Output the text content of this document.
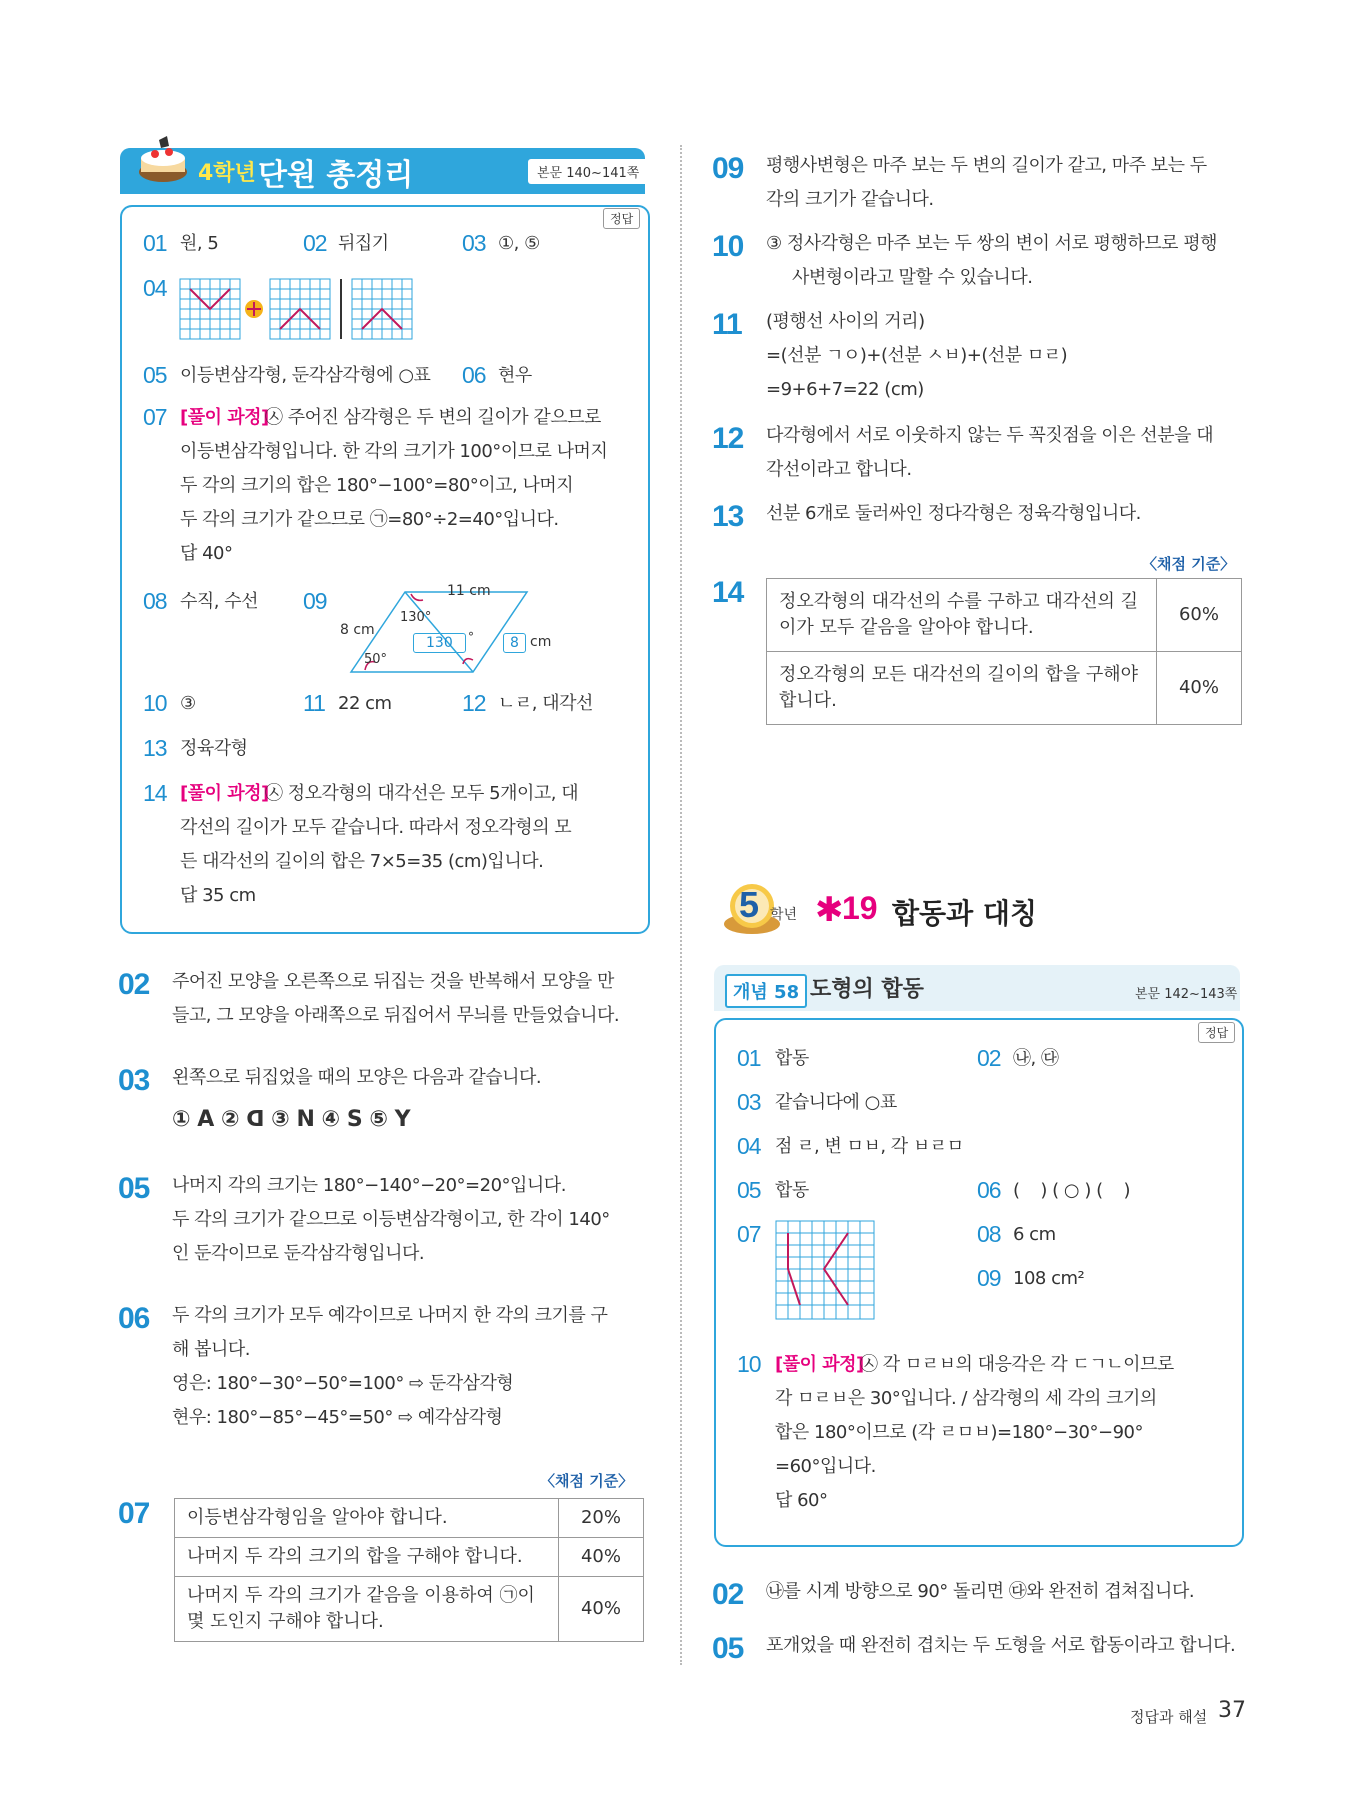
4학년 단원 총정리	본문 140~141쪽
정답
01 원, 5	02 뒤집기	03 ①, ⑤
04
05 이등변삼각형, 둔각삼각형에 ○표 06 현우
07 [풀이 과정]
㉦ 주어진 삼각형은 두 변의 길이가 같으므로
이등변삼각형입니다. 한 각의 크기가 100°이므로 나머지
두 각의 크기의 합은 180°−100°=80°이고, 나머지
두 각의 크기가 같으므로 ㉠=80°÷2=40°입니다.
답 40°
08 수직, 수선 09	11 cm
8 cm
130°
50°
130	°	8 cm
10 ③	11 22 cm	12 ㄴㄹ, 대각선
13 정육각형
14 [풀이 과정]
㉦ 정오각형의 대각선은 모두 5개이고, 대
각선의 길이가 모두 같습니다. 따라서 정오각형의 모
든 대각선의 길이의 합은 7×5=35 (cm)입니다.
답 35 cm
02 주어진 모양을 오른쪽으로 뒤집는 것을 반복해서 모양을 만
들고, 그 모양을 아래쪽으로 뒤집어서 무늬를 만들었습니다.
03 왼쪽으로 뒤집었을 때의 모양은 다음과 같습니다.
① A ② ᗡ ③ N ④ S ⑤ Y
05 나머지 각의 크기는 180°−140°−20°=20°입니다.
두 각의 크기가 같으므로 이등변삼각형이고, 한 각이 140°
인 둔각이므로 둔각삼각형입니다.
06 두 각의 크기가 모두 예각이므로 나머지 한 각의 크기를 구
해 봅니다.
영은: 180°−30°−50°=100° ⇨ 둔각삼각형
현우: 180°−85°−45°=50° ⇨ 예각삼각형
〈채점 기준〉
07 이등변삼각형임을 알아야 합니다.	20%
나머지 두 각의 크기의 합을 구해야 합니다.	40%
나머지 두 각의 크기가 같음을 이용하여 ㉠이 몇 도인지 구해야 합니다.	40%
09 평행사변형은 마주 보는 두 변의 길이가 같고, 마주 보는 두
각의 크기가 같습니다.
10 ③ 정사각형은 마주 보는 두 쌍의 변이 서로 평행하므로 평행
사변형이라고 말할 수 있습니다.
11 (평행선 사이의 거리)
=(선분 ㄱㅇ)+(선분 ㅅㅂ)+(선분 ㅁㄹ)
=9+6+7=22 (cm)
12 다각형에서 서로 이웃하지 않는 두 꼭짓점을 이은 선분을 대
각선이라고 합니다.
13 선분 6개로 둘러싸인 정다각형은 정육각형입니다.
〈채점 기준〉
14 정오각형의 대각선의 수를 구하고 대각선의 길이가 모두 같음을 알아야 합니다.	60%
정오각형의 모든 대각선의 길이의 합을 구해야 합니다.	40%
5 학년 ✱
19 합동과 대칭
개념 58 도형의 합동	본문 142~143쪽
정답
01 합동	02 ㉯, ㉰
03 같습니다에 ○표
04 점 ㄹ, 변 ㅁㅂ, 각 ㅂㄹㅁ
05 합동	06 (    ) ( ○ ) (    )
07	08 6 cm
09 108 cm²
10 [풀이 과정]
㉦ 각 ㅁㄹㅂ의 대응각은 각 ㄷㄱㄴ이므로
각 ㅁㄹㅂ은 30°입니다. / 삼각형의 세 각의 크기의
합은 180°이므로 (각 ㄹㅁㅂ)=180°−30°−90°
=60°입니다.
답 60°
02 ㉯를 시계 방향으로 90° 돌리면 ㉰와 완전히 겹쳐집니다.
05 포개었을 때 완전히 겹치는 두 도형을 서로 합동이라고 합니다.
정답과 해설 37
